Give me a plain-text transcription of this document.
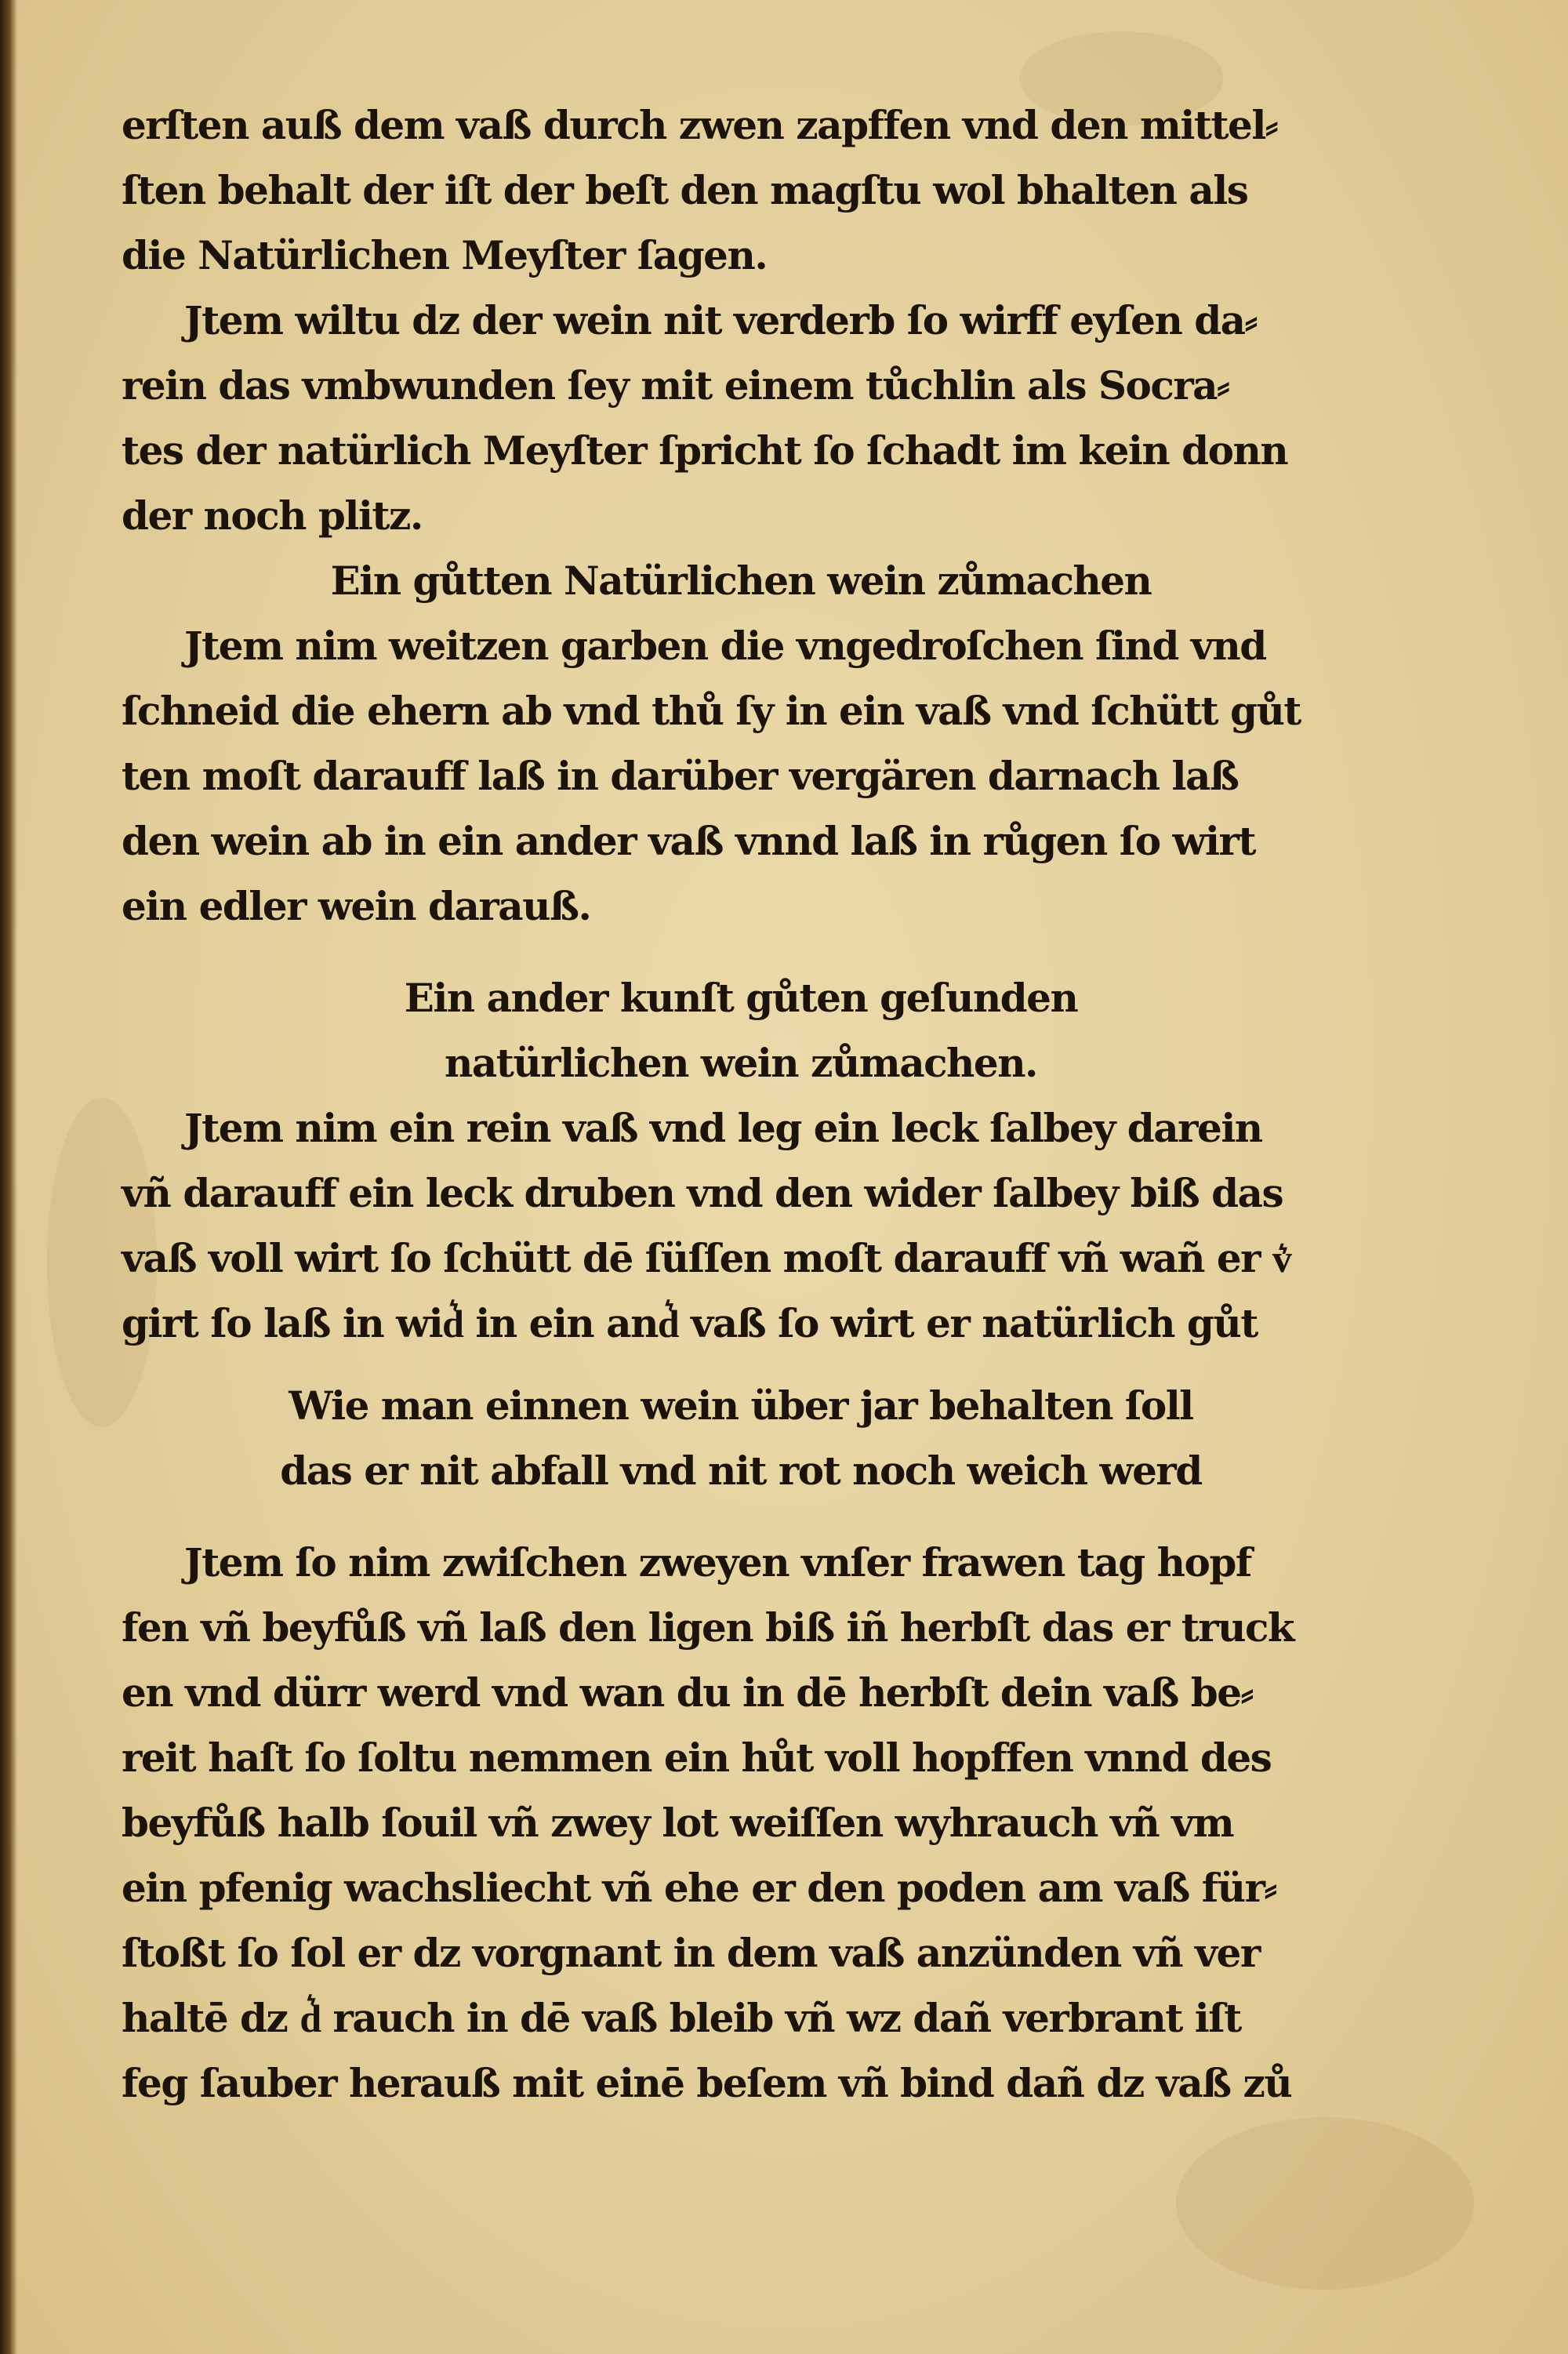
erſten auß dem vaß durch zwen zapffen vnd den mittel⸗
ſten behalt der iſt der beſt den magſtu wol bhalten als
die Natürlichen Meyſter ſagen.
Jtem wiltu dz der wein nit verderb ſo wirff eyſen da⸗
rein das vmbwunden ſey mit einem tůchlin als Socra⸗
tes der natürlich Meyſter ſpricht ſo ſchadt im kein donn
der noch plitz.
Ein gůtten Natürlichen wein zůmachen
Jtem nim weitzen garben die vngedroſchen ſind vnd
ſchneid die ehern ab vnd thů ſy in ein vaß vnd ſchütt gůt
ten moſt darauff laß in darüber vergären darnach laß
den wein ab in ein ander vaß vnnd laß in růgen ſo wirt
ein edler wein darauß.
Ein ander kunſt gůten geſunden
natürlichen wein zůmachen.
Jtem nim ein rein vaß vnd leg ein leck ſalbey darein
vñ darauff ein leck druben vnd den wider ſalbey biß das
vaß voll wirt ſo ſchütt dē ſüſſen moſt darauff vñ wañ er v͛
girt ſo laß in wid͛ in ein and͛ vaß ſo wirt er natürlich gůt
Wie man einnen wein über jar behalten ſoll
das er nit abfall vnd nit rot noch weich werd
Jtem ſo nim zwiſchen zweyen vnſer frawen tag hopf
fen vñ beyfůß vñ laß den ligen biß iñ herbſt das er truck
en vnd dürr werd vnd wan du in dē herbſt dein vaß be⸗
reit haſt ſo ſoltu nemmen ein hůt voll hopffen vnnd des
beyfůß halb ſouil vñ zwey lot weiſſen wyhrauch vñ vm
ein pfenig wachsliecht vñ ehe er den poden am vaß für⸗
ſtoßt ſo ſol er dz vorgnant in dem vaß anzünden vñ ver
haltē dz d͛ rauch in dē vaß bleib vñ wz dañ verbrant iſt
feg ſauber herauß mit einē beſem vñ bind dañ dz vaß zů
